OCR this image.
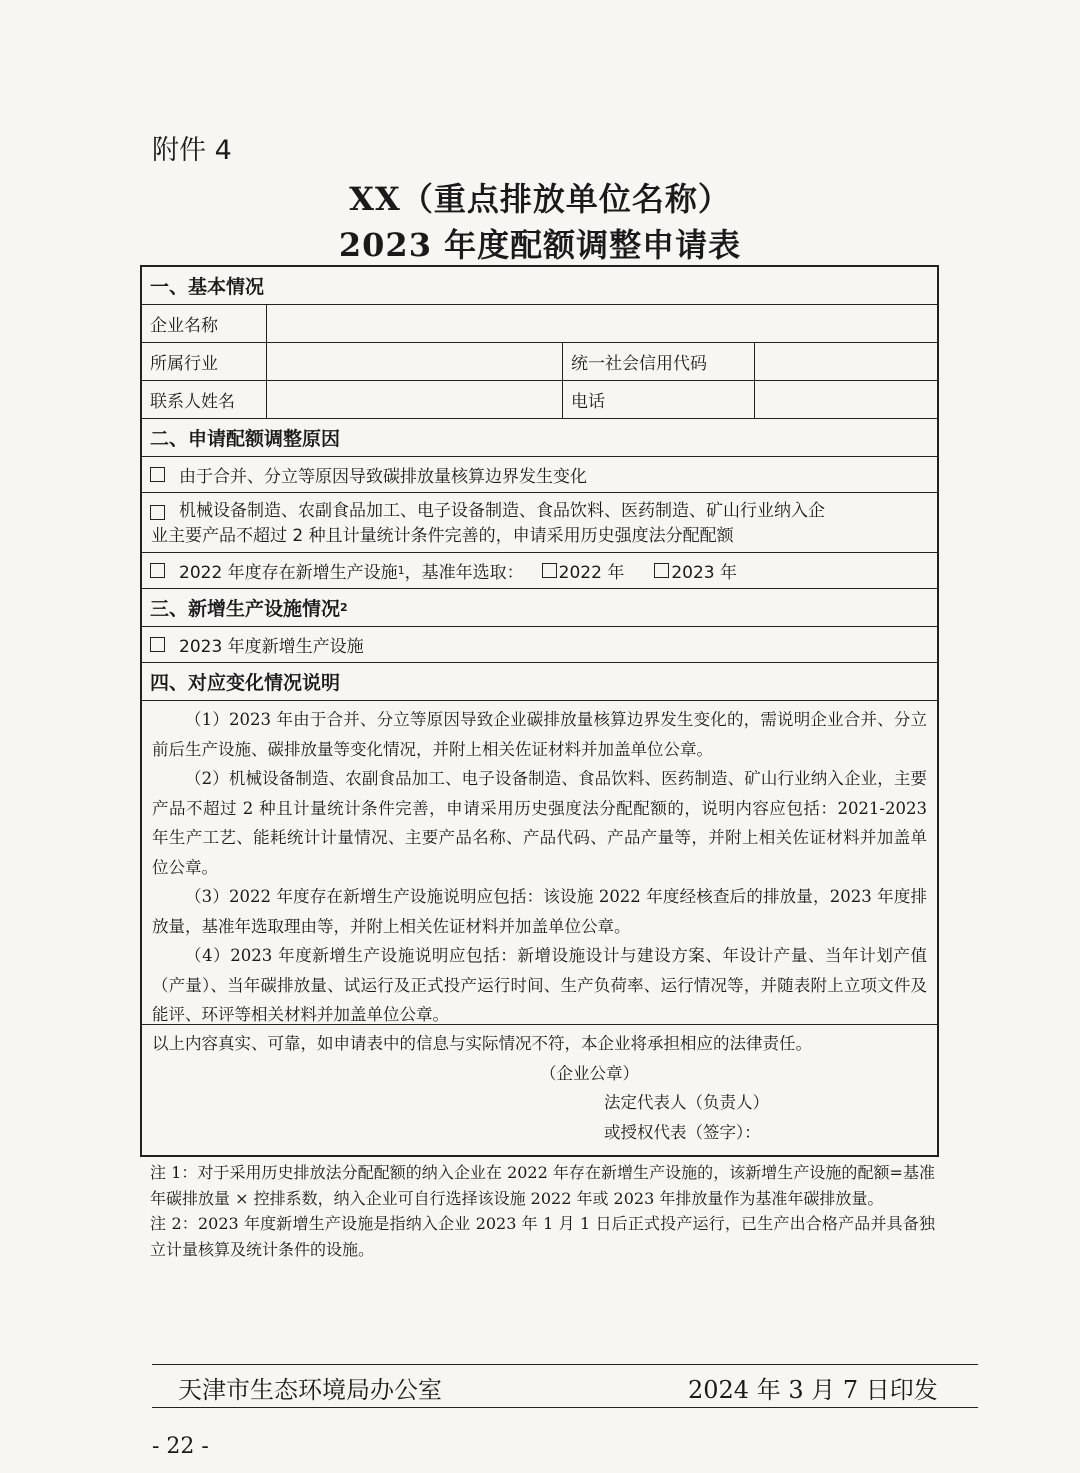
附件 4
XX（重点排放单位名称）
2023 年度配额调整申请表
一、基本情况
企业名称
所属行业	统一社会信用代码
联系人姓名	电话
二、申请配额调整原因
由于合并、分立等原因导致碳排放量核算边界发生变化
机械设备制造、农副食品加工、电子设备制造、食品饮料、医药制造、矿山行业纳入企
业主要产品不超过 2 种且计量统计条件完善的，申请采用历史强度法分配配额
2022 年度存在新增生产设施 1 ，基准年选取： 2022 年	2023 年
三、新增生产设施情况 2
2023 年度新增生产设施
四、对应变化情况说明

（1）2023 年由于合并、分立等原因导致企业碳排放量核算边界发生变化的，需说明企业合并、分立前后生产设施、碳排放量等变化情况，并附上相关佐证材料并加盖单位公章。

（2）机械设备制造、农副食品加工、电子设备制造、食品饮料、医药制造、矿山行业纳入企业，主要产品不超过 2 种且计量统计条件完善，申请采用历史强度法分配配额的，说明内容应包括：2021-2023 年生产工艺、能耗统计计量情况、主要产品名称、产品代码、产品产量等，并附上相关佐证材料并加盖单位公章。

（3）2022 年度存在新增生产设施说明应包括：该设施 2022 年度经核查后的排放量，2023 年度排放量，基准年选取理由等，并附上相关佐证材料并加盖单位公章。

（4）2023 年度新增生产设施说明应包括：新增设施设计与建设方案、年设计产量、当年计划产值（产量）、当年碳排放量、试运行及正式投产运行时间、生产负荷率、运行情况等，并随表附上立项文件及能评、环评等相关材料并加盖单位公章。

以上内容真实、可靠，如申请表中的信息与实际情况不符，本企业将承担相应的法律责任。
（企业公章）
法定代表人（负责人）
或授权代表（签字）：

注 1：对于采用历史排放法分配配额的纳入企业在 2022 年存在新增生产设施的，该新增生产设施的配额=基准年碳排放量 × 控排系数，纳入企业可自行选择该设施 2022 年或 2023 年排放量作为基准年碳排放量。

注 2：2023 年度新增生产设施是指纳入企业 2023 年 1 月 1 日后正式投产运行，已生产出合格产品并具备独立计量核算及统计条件的设施。

天津市生态环境局办公室	2024 年 3 月 7 日印发
- 22 -
